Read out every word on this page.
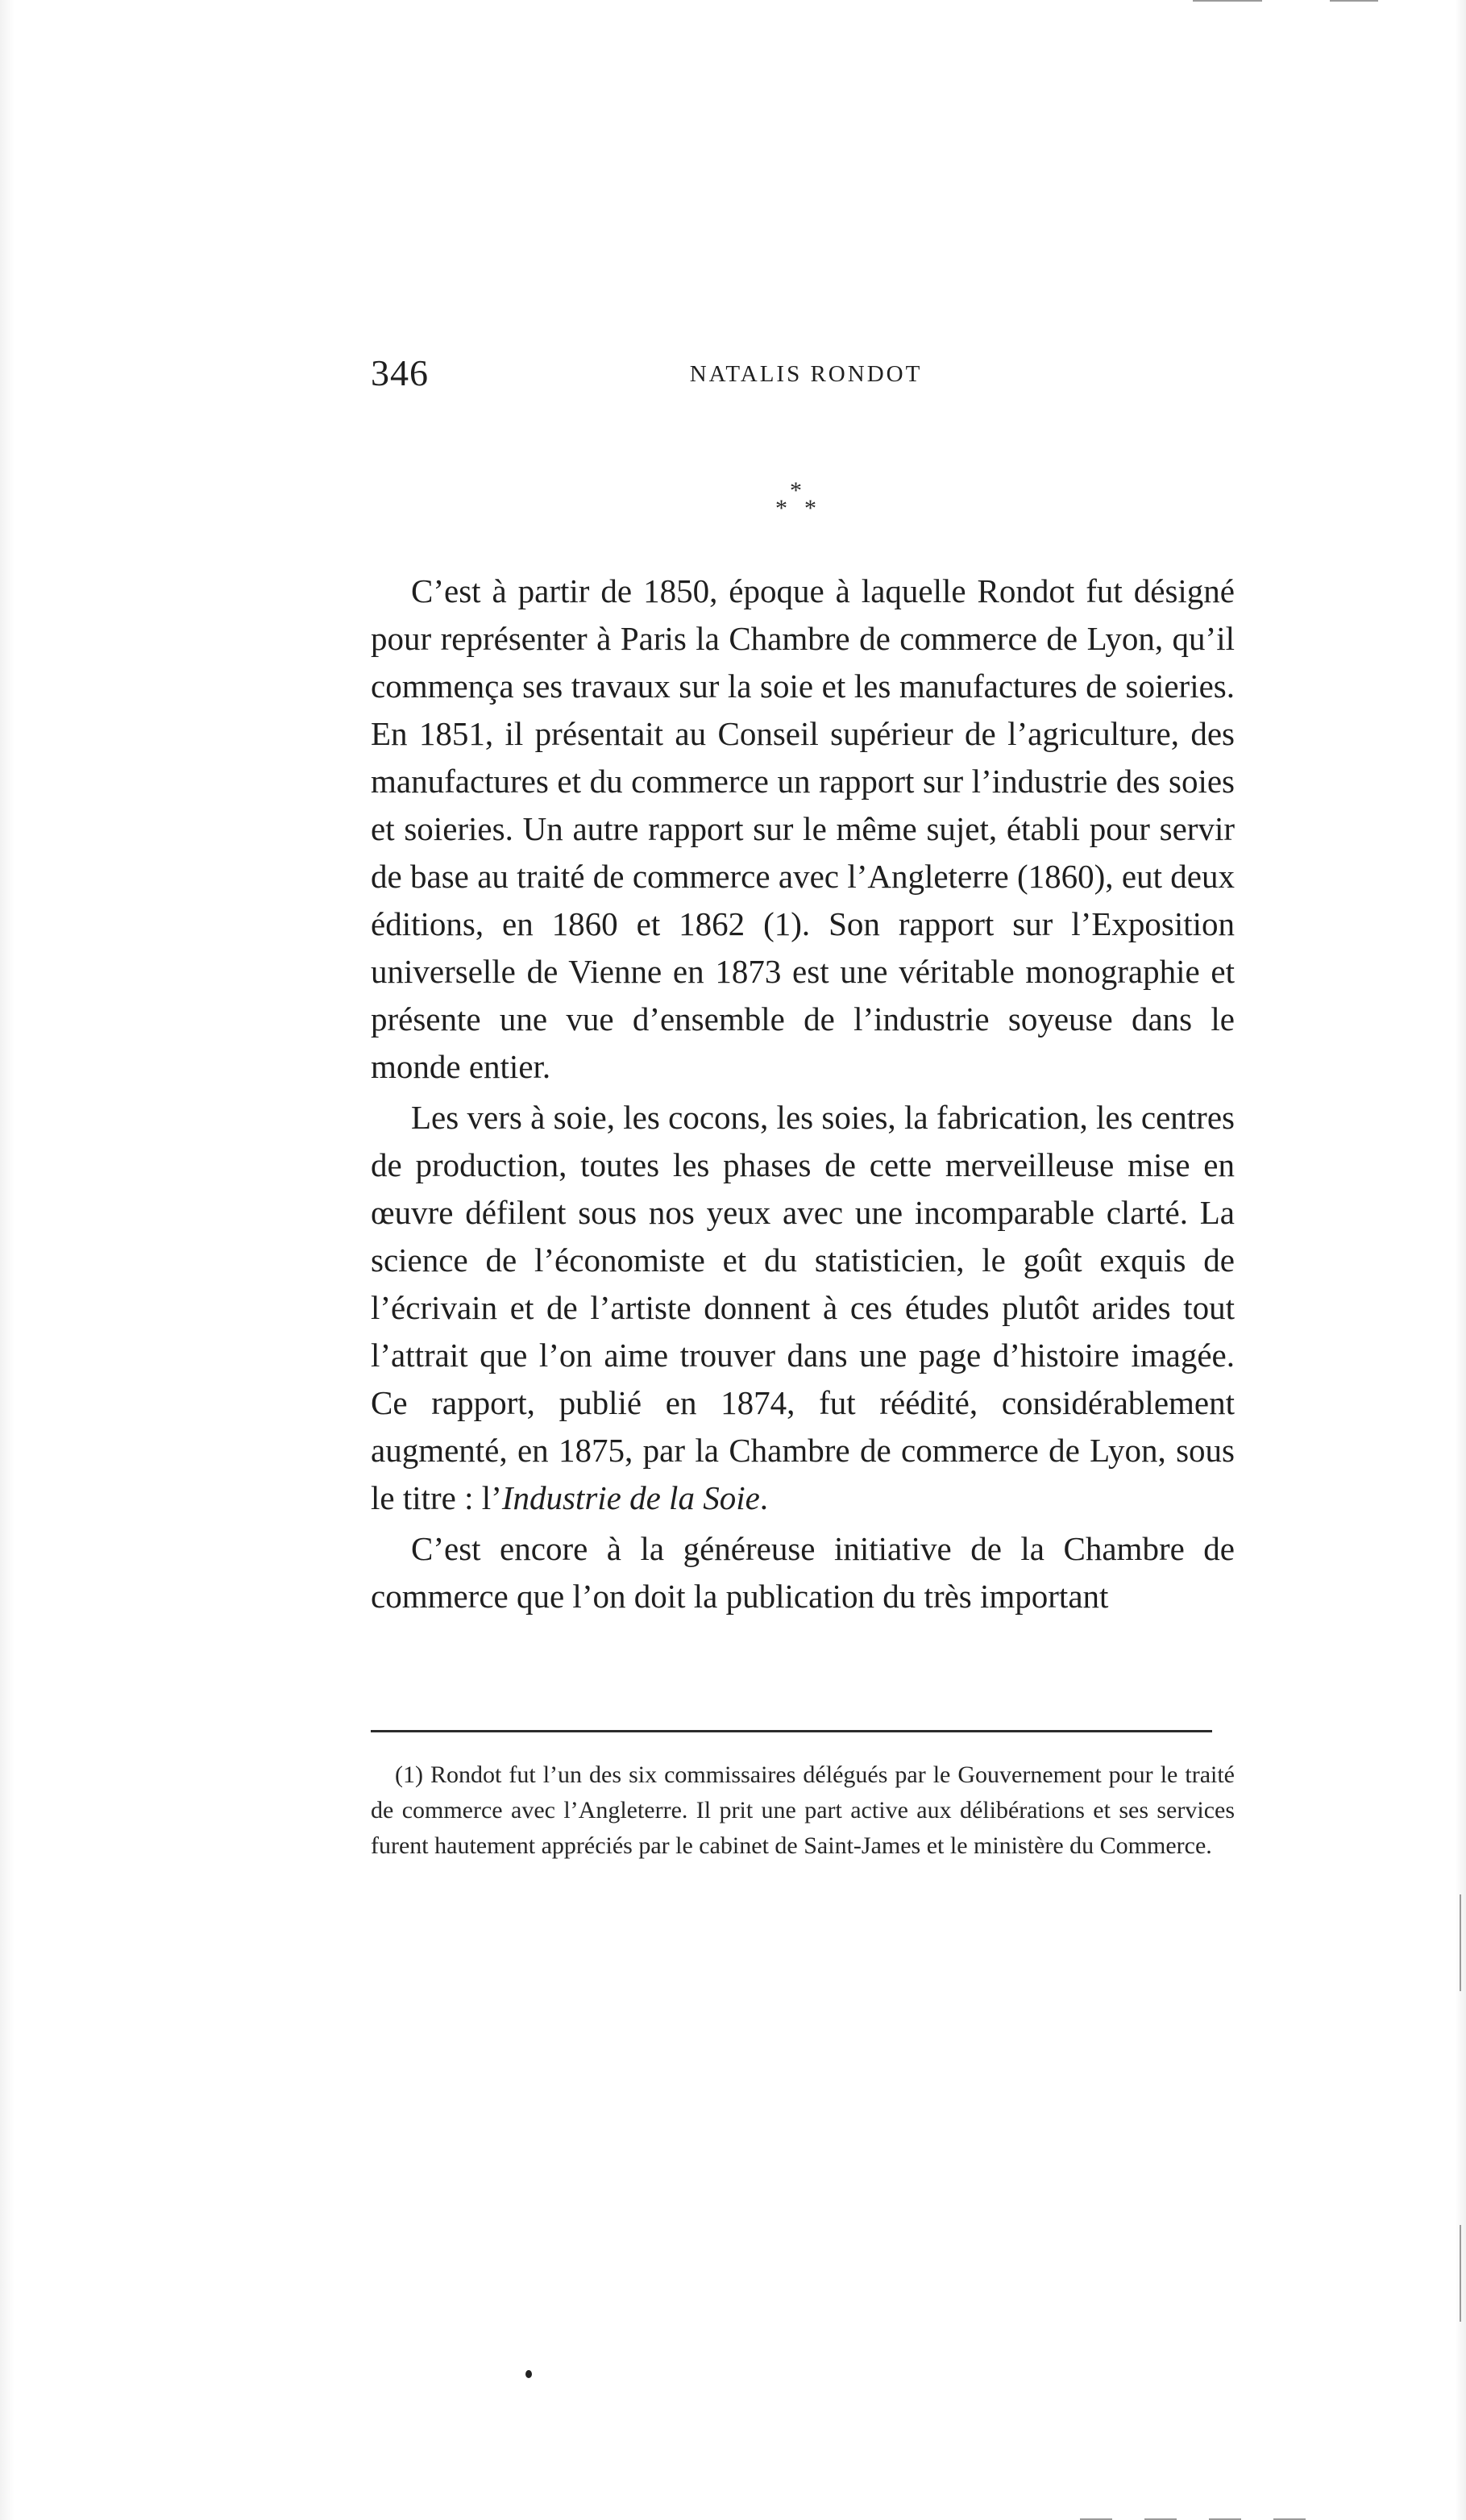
346	NATALIS RONDOT
*
* *

C’est à partir de 1850, époque à laquelle Rondot fut désigné pour représenter à Paris la Chambre de commerce de Lyon, qu’il commença ses travaux sur la soie et les manufactures de soieries. En 1851, il présentait au Conseil supérieur de l’agriculture, des manufactures et du commerce un rapport sur l’industrie des soies et soieries. Un autre rapport sur le même sujet, établi pour servir de base au traité de commerce avec l’Angleterre (1860), eut deux éditions, en 1860 et 1862 (1). Son rapport sur l’Exposition universelle de Vienne en 1873 est une véritable monographie et présente une vue d’ensemble de l’industrie soyeuse dans le monde entier.

Les vers à soie, les cocons, les soies, la fabrication, les centres de production, toutes les phases de cette merveilleuse mise en œuvre défilent sous nos yeux avec une incomparable clarté. La science de l’économiste et du statisticien, le goût exquis de l’écrivain et de l’artiste donnent à ces études plutôt arides tout l’attrait que l’on aime trouver dans une page d’histoire imagée. Ce rapport, publié en 1874, fut réédité, considérablement augmenté, en 1875, par la Chambre de commerce de Lyon, sous le titre : l’Industrie de la Soie.

C’est encore à la généreuse initiative de la Chambre de commerce que l’on doit la publication du très important

(1) Rondot fut l’un des six commissaires délégués par le Gouvernement pour le traité de commerce avec l’Angleterre. Il prit une part active aux délibérations et ses services furent hautement appréciés par le cabinet de Saint-James et le ministère du Commerce.
